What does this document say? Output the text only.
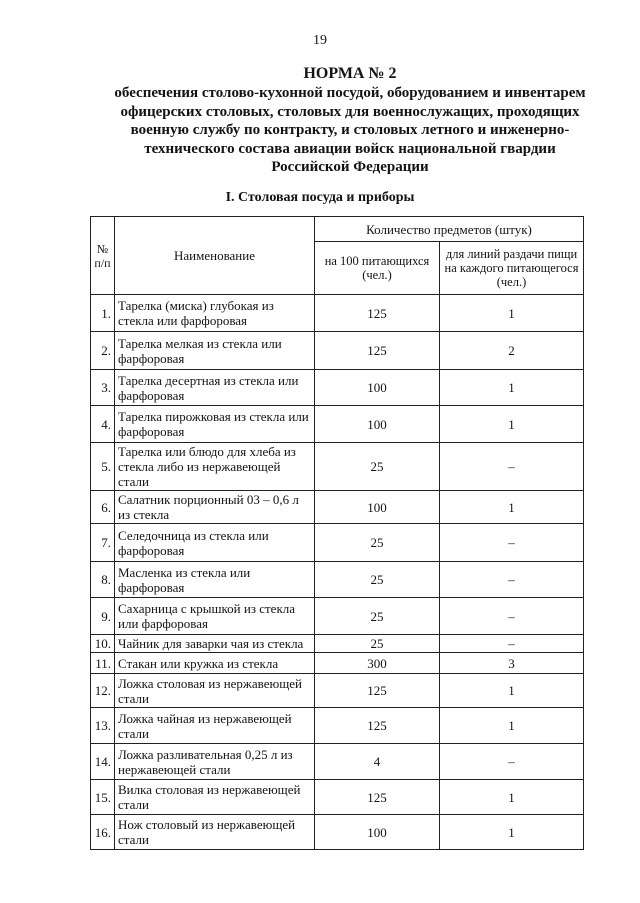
19
НОРМА № 2
обеспечения столово-кухонной посудой, оборудованием и инвентарем
офицерских столовых, столовых для военнослужащих, проходящих
военную службу по контракту, и столовых летного и инженерно-
технического состава авиации войск национальной гвардии
Российской Федерации
I. Столовая посуда и приборы
№ п/п	Наименование	Количество предметов (штук)	
		на 100 питающихся (чел.)	для линий раздачи пищи на каждого питающегося (чел.)
1.	Тарелка (миска) глубокая из стекла или фарфоровая	125	1
2.	Тарелка мелкая из стекла или фарфоровая	125	2
3.	Тарелка десертная из стекла или фарфоровая	100	1
4.	Тарелка пирожковая из стекла или фарфоровая	100	1
5.	Тарелка или блюдо для хлеба из стекла либо из нержавеющей стали	25	–
6.	Салатник порционный 03 – 0,6 л из стекла	100	1
7.	Селедочница из стекла или фарфоровая	25	–
8.	Масленка из стекла или фарфоровая	25	–
9.	Сахарница с крышкой из стекла или фарфоровая	25	–
10.	Чайник для заварки чая из стекла	25	–
11.	Стакан или кружка из стекла	300	3
12.	Ложка столовая из нержавеющей стали	125	1
13.	Ложка чайная из нержавеющей стали	125	1
14.	Ложка разливательная 0,25 л из нержавеющей стали	4	–
15.	Вилка столовая из нержавеющей стали	125	1
16.	Нож столовый из нержавеющей стали	100	1
